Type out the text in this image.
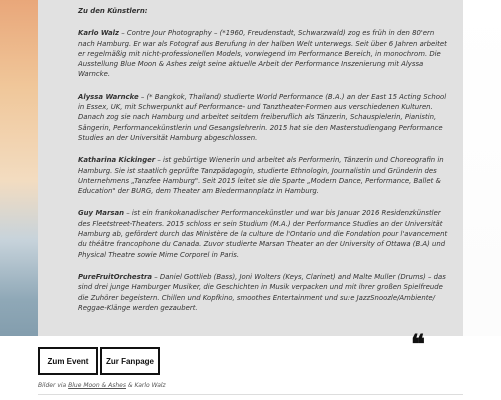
Zu den Künstlern:

Karlo Walz – Contre Jour Photography – (*1960, Freudenstadt, Schwarzwald) zog es früh in den 80'ern nach Hamburg. Er war als Fotograf aus Berufung in der halben Welt unterwegs. Seit über 6 Jahren arbeitet er regelmäßig mit nicht-professionellen Models, vorwiegend im Performance Bereich, in monochrom. Die Ausstellung Blue Moon & Ashes zeigt seine aktuelle Arbeit der Performance Inszenierung mit Alyssa Warncke.

Alyssa Warncke – (* Bangkok, Thailand) studierte World Performance (B.A.) an der East 15 Acting School in Essex, UK, mit Schwerpunkt auf Performance- und Tanztheater-Formen aus verschiedenen Kulturen. Danach zog sie nach Hamburg und arbeitet seitdem freiberuflich als Tänzerin, Schauspielerin, Pianistin, Sängerin, Performancekünstlerin und Gesangslehrerin. 2015 hat sie den Masterstudiengang Performance Studies an der Universität Hamburg abgeschlossen.

Katharina Kickinger – ist gebürtige Wienerin und arbeitet als Performerin, Tänzerin und Choreografin in Hamburg. Sie ist staatlich geprüfte Tanzpädagogin, studierte Ethnologin, Journalistin und Gründerin des Unternehmens „Tanzfee Hamburg". Seit 2015 leitet sie die Sparte „Modern Dance, Performance, Ballet & Education" der BURG, dem Theater am Biedermannplatz in Hamburg.

Guy Marsan – ist ein frankokanadischer Performancekünstler und war bis Januar 2016 Residenzkünstler des Fleetstreet-Theaters. 2015 schloss er sein Studium (M.A.) der Performance Studies an der Universität Hamburg ab, gefördert durch das Ministère de la culture de l'Ontario und die Fondation pour l'avancement du théâtre francophone du Canada. Zuvor studierte Marsan Theater an der University of Ottawa (B.A) und Physical Theatre sowie Mime Corporel in Paris.

PureFruitOrchestra – Daniel Gottlieb (Bass), Joni Wolters (Keys, Clarinet) and Malte Muller (Drums) – das sind drei junge Hamburger Musiker, die Geschichten in Musik verpacken und mit ihrer großen Spielfreude die Zuhörer begeistern. Chillen und Kopfkino, smoothes Entertainment und su:e JazzSnoozle/Ambiente/ Reggae-Klänge werden gezaubert.

❝
Zum Event	Zur Fanpage
Bilder via Blue Moon & Ashes & Karlo Walz
